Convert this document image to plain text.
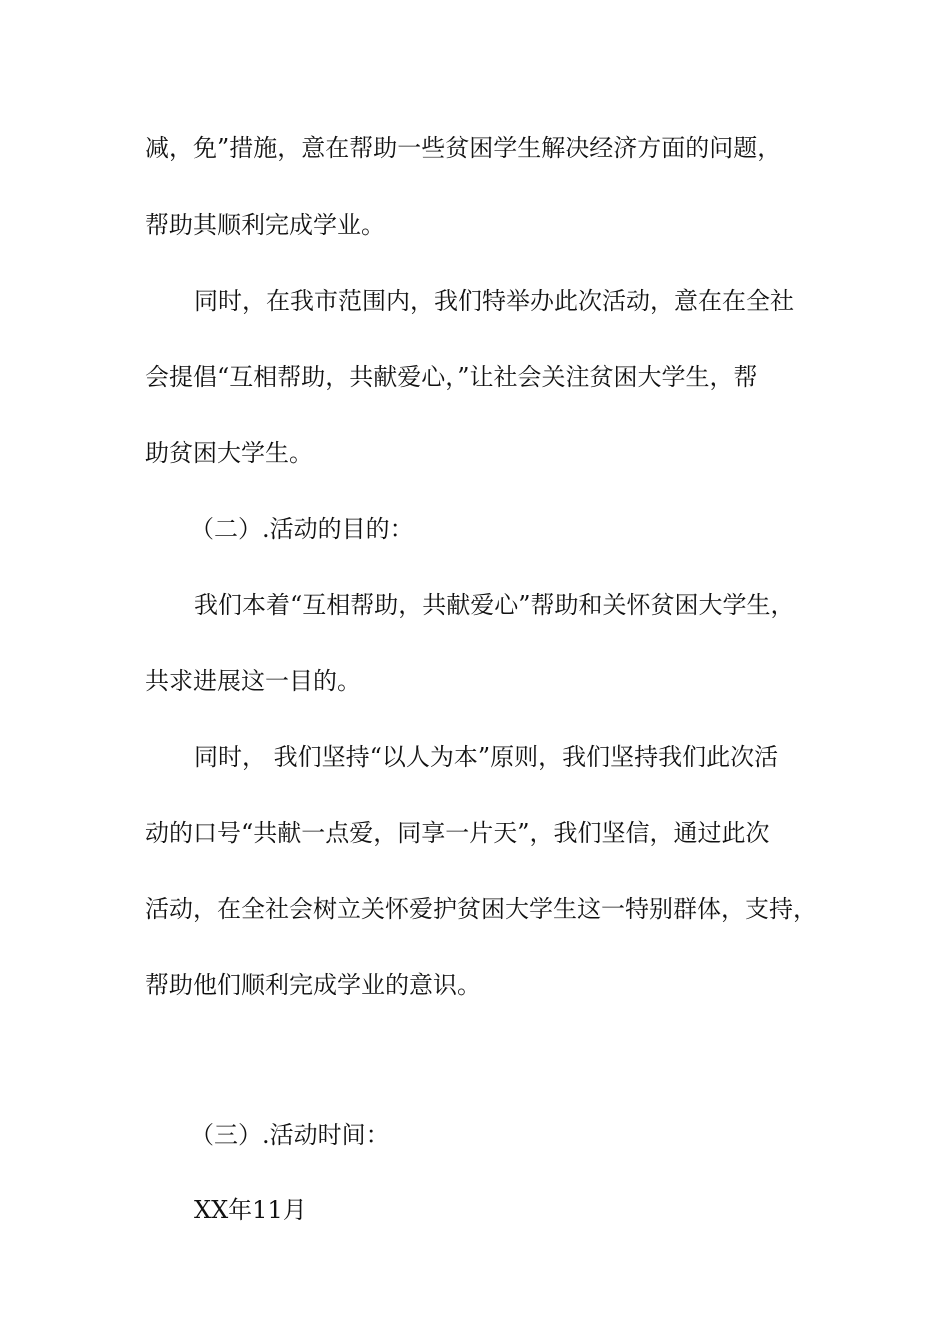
减，免”措施，意在帮助一些贫困学生解决经济方面的问题，
帮助其顺利完成学业。
同时，在我市范围内，我们特举办此次活动，意在在全社
会提倡“互相帮助，共献爱心，”让社会关注贫困大学生，帮
助贫困大学生。
（二）.活动的目的：
我们本着“互相帮助，共献爱心”帮助和关怀贫困大学生，
共求进展这一目的。
同时， 我们坚持“以人为本”原则，我们坚持我们此次活
动的口号“共献一点爱，同享一片天”，我们坚信，通过此次
活动，在全社会树立关怀爱护贫困大学生这一特别群体，支持，
帮助他们顺利完成学业的意识。
（三）.活动时间：
XX年11月
